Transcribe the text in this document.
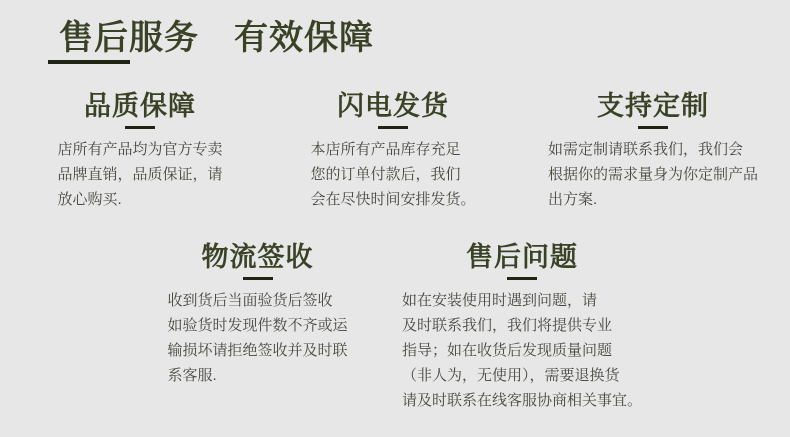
售后服务　有效保障
品质保障
店所有产品均为官方专卖
品牌直销，品质保证，请
放心购买.
闪电发货
本店所有产品库存充足
您的订单付款后，我们
会在尽快时间安排发货。
支持定制
如需定制请联系我们，我们会
根据你的需求量身为你定制产品
出方案.
物流签收
收到货后当面验货后签收
如验货时发现件数不齐或运
输损坏请拒绝签收并及时联
系客服.
售后问题
如在安装使用时遇到问题，请
及时联系我们，我们将提供专业
指导；如在收货后发现质量问题
（非人为，无使用），需要退换货
请及时联系在线客服协商相关事宜。
